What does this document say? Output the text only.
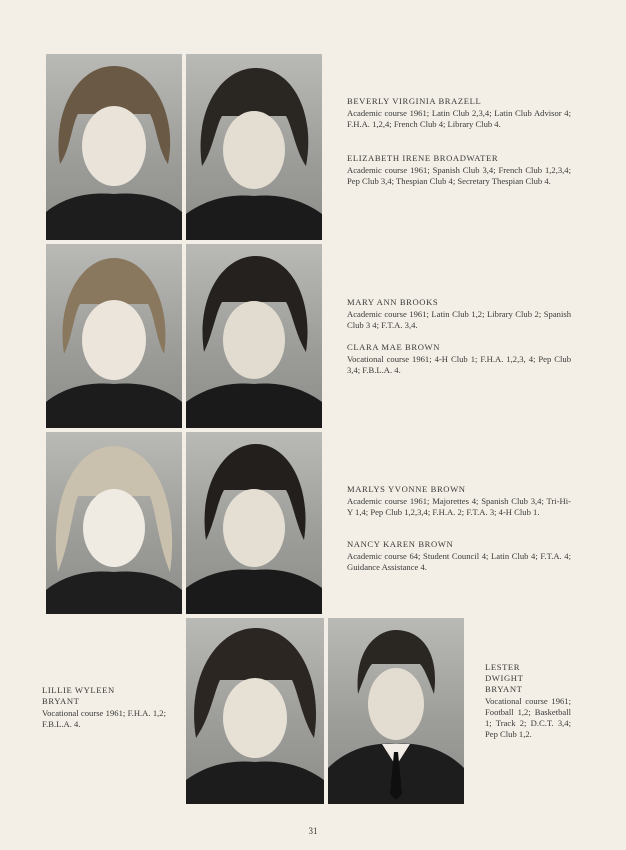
BEVERLY VIRGINIA BRAZELL
Academic course 1961; Latin Club 2,3,4; Latin Club Advisor 4; F.H.A. 1,2,4; French Club 4; Library Club 4.
ELIZABETH IRENE BROADWATER
Academic course 1961; Spanish Club 3,4; French Club 1,2,3,4; Pep Club 3,4; Thespian Club 4; Secretary Thespian Club 4.
MARY ANN BROOKS
Academic course 1961; Latin Club 1,2; Library Club 2; Spanish Club 3 4; F.T.A. 3,4.
CLARA MAE BROWN
Vocational course 1961; 4-H Club 1; F.H.A. 1,2,3, 4; Pep Club 3,4; F.B.L.A. 4.
MARLYS YVONNE BROWN
Academic course 1961; Majorettes 4; Spanish Club 3,4; Tri-Hi-Y 1,4; Pep Club 1,2,3,4; F.H.A. 2; F.T.A. 3; 4-H Club 1.
NANCY KAREN BROWN
Academic course 64; Student Council 4; Latin Club 4; F.T.A. 4; Guidance Assistance 4.
LILLIE WYLEEN BRYANT
Vocational course 1961; F.H.A. 1,2; F.B.L.A. 4.
LESTER DWIGHT BRYANT
Vocational course 1961; Football 1,2; Basketball 1; Track 2; D.C.T. 3,4; Pep Club 1,2.
31
